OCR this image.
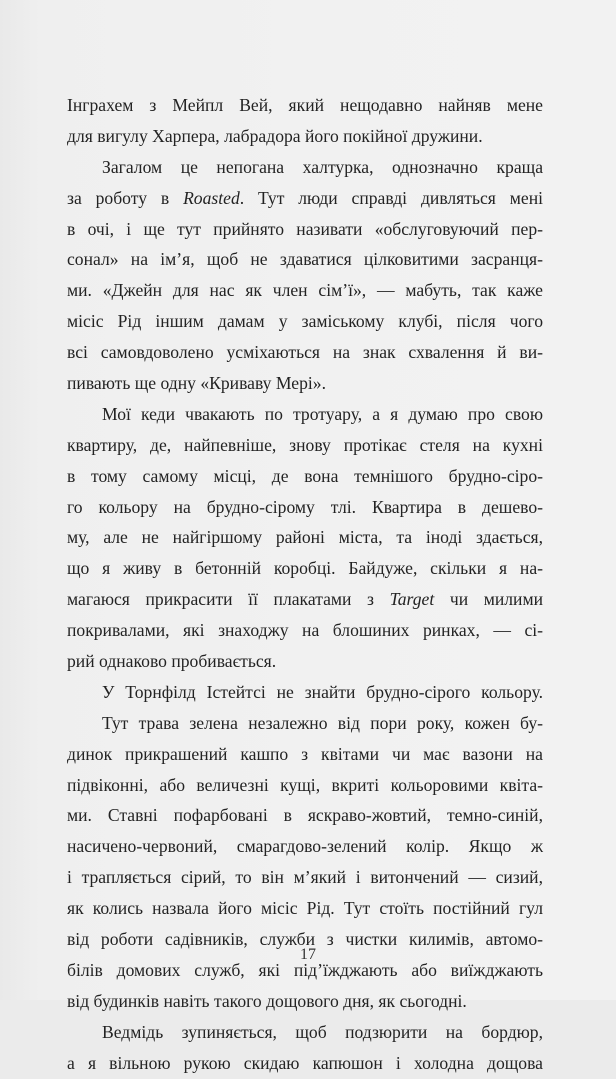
Інграхем з Мейпл Вей, який нещодавно найняв мене
для вигулу Харпера, лабрадора його покійної дружини.
Загалом це непогана халтурка, однозначно краща
за роботу в Roasted. Тут люди справді дивляться мені
в очі, і ще тут прийнято називати «обслуговуючий пер-
сонал» на ім’я, щоб не здаватися цілковитими засранця-
ми. «Джейн для нас як член сім’ї», — мабуть, так каже
місіс Рід іншим дамам у заміському клубі, після чого
всі самовдоволено усміхаються на знак схвалення й ви-
пивають ще одну «Криваву Мері».
Мої кеди чвакають по тротуару, а я думаю про свою
квартиру, де, найпевніше, знову протікає стеля на кухні
в тому самому місці, де вона темнішого брудно-сіро-
го кольору на брудно-сірому тлі. Квартира в дешево-
му, але не найгіршому районі міста, та іноді здається,
що я живу в бетонній коробці. Байдуже, скільки я на-
магаюся прикрасити її плакатами з Target чи милими
покривалами, які знаходжу на блошиних ринках, — сі-
рий однаково пробивається.
У Торнфілд Істейтсі не знайти брудно-сірого кольору.
Тут трава зелена незалежно від пори року, кожен бу-
динок прикрашений кашпо з квітами чи має вазони на
підвіконні, або величезні кущі, вкриті кольоровими квіта-
ми. Ставні пофарбовані в яскраво-жовтий, темно-синій,
насичено-червоний, смарагдово-зелений колір. Якщо ж
і трапляється сірий, то він м’який і витончений — сизий,
як колись назвала його місіс Рід. Тут стоїть постійний гул
від роботи садівників, служби з чистки килимів, автомо-
білів домових служб, які під’їжджають або виїжджають
від будинків навіть такого дощового дня, як сьогодні.
Ведмідь зупиняється, щоб подзюрити на бордюр,
а я вільною рукою скидаю капюшон і холодна дощова
17
